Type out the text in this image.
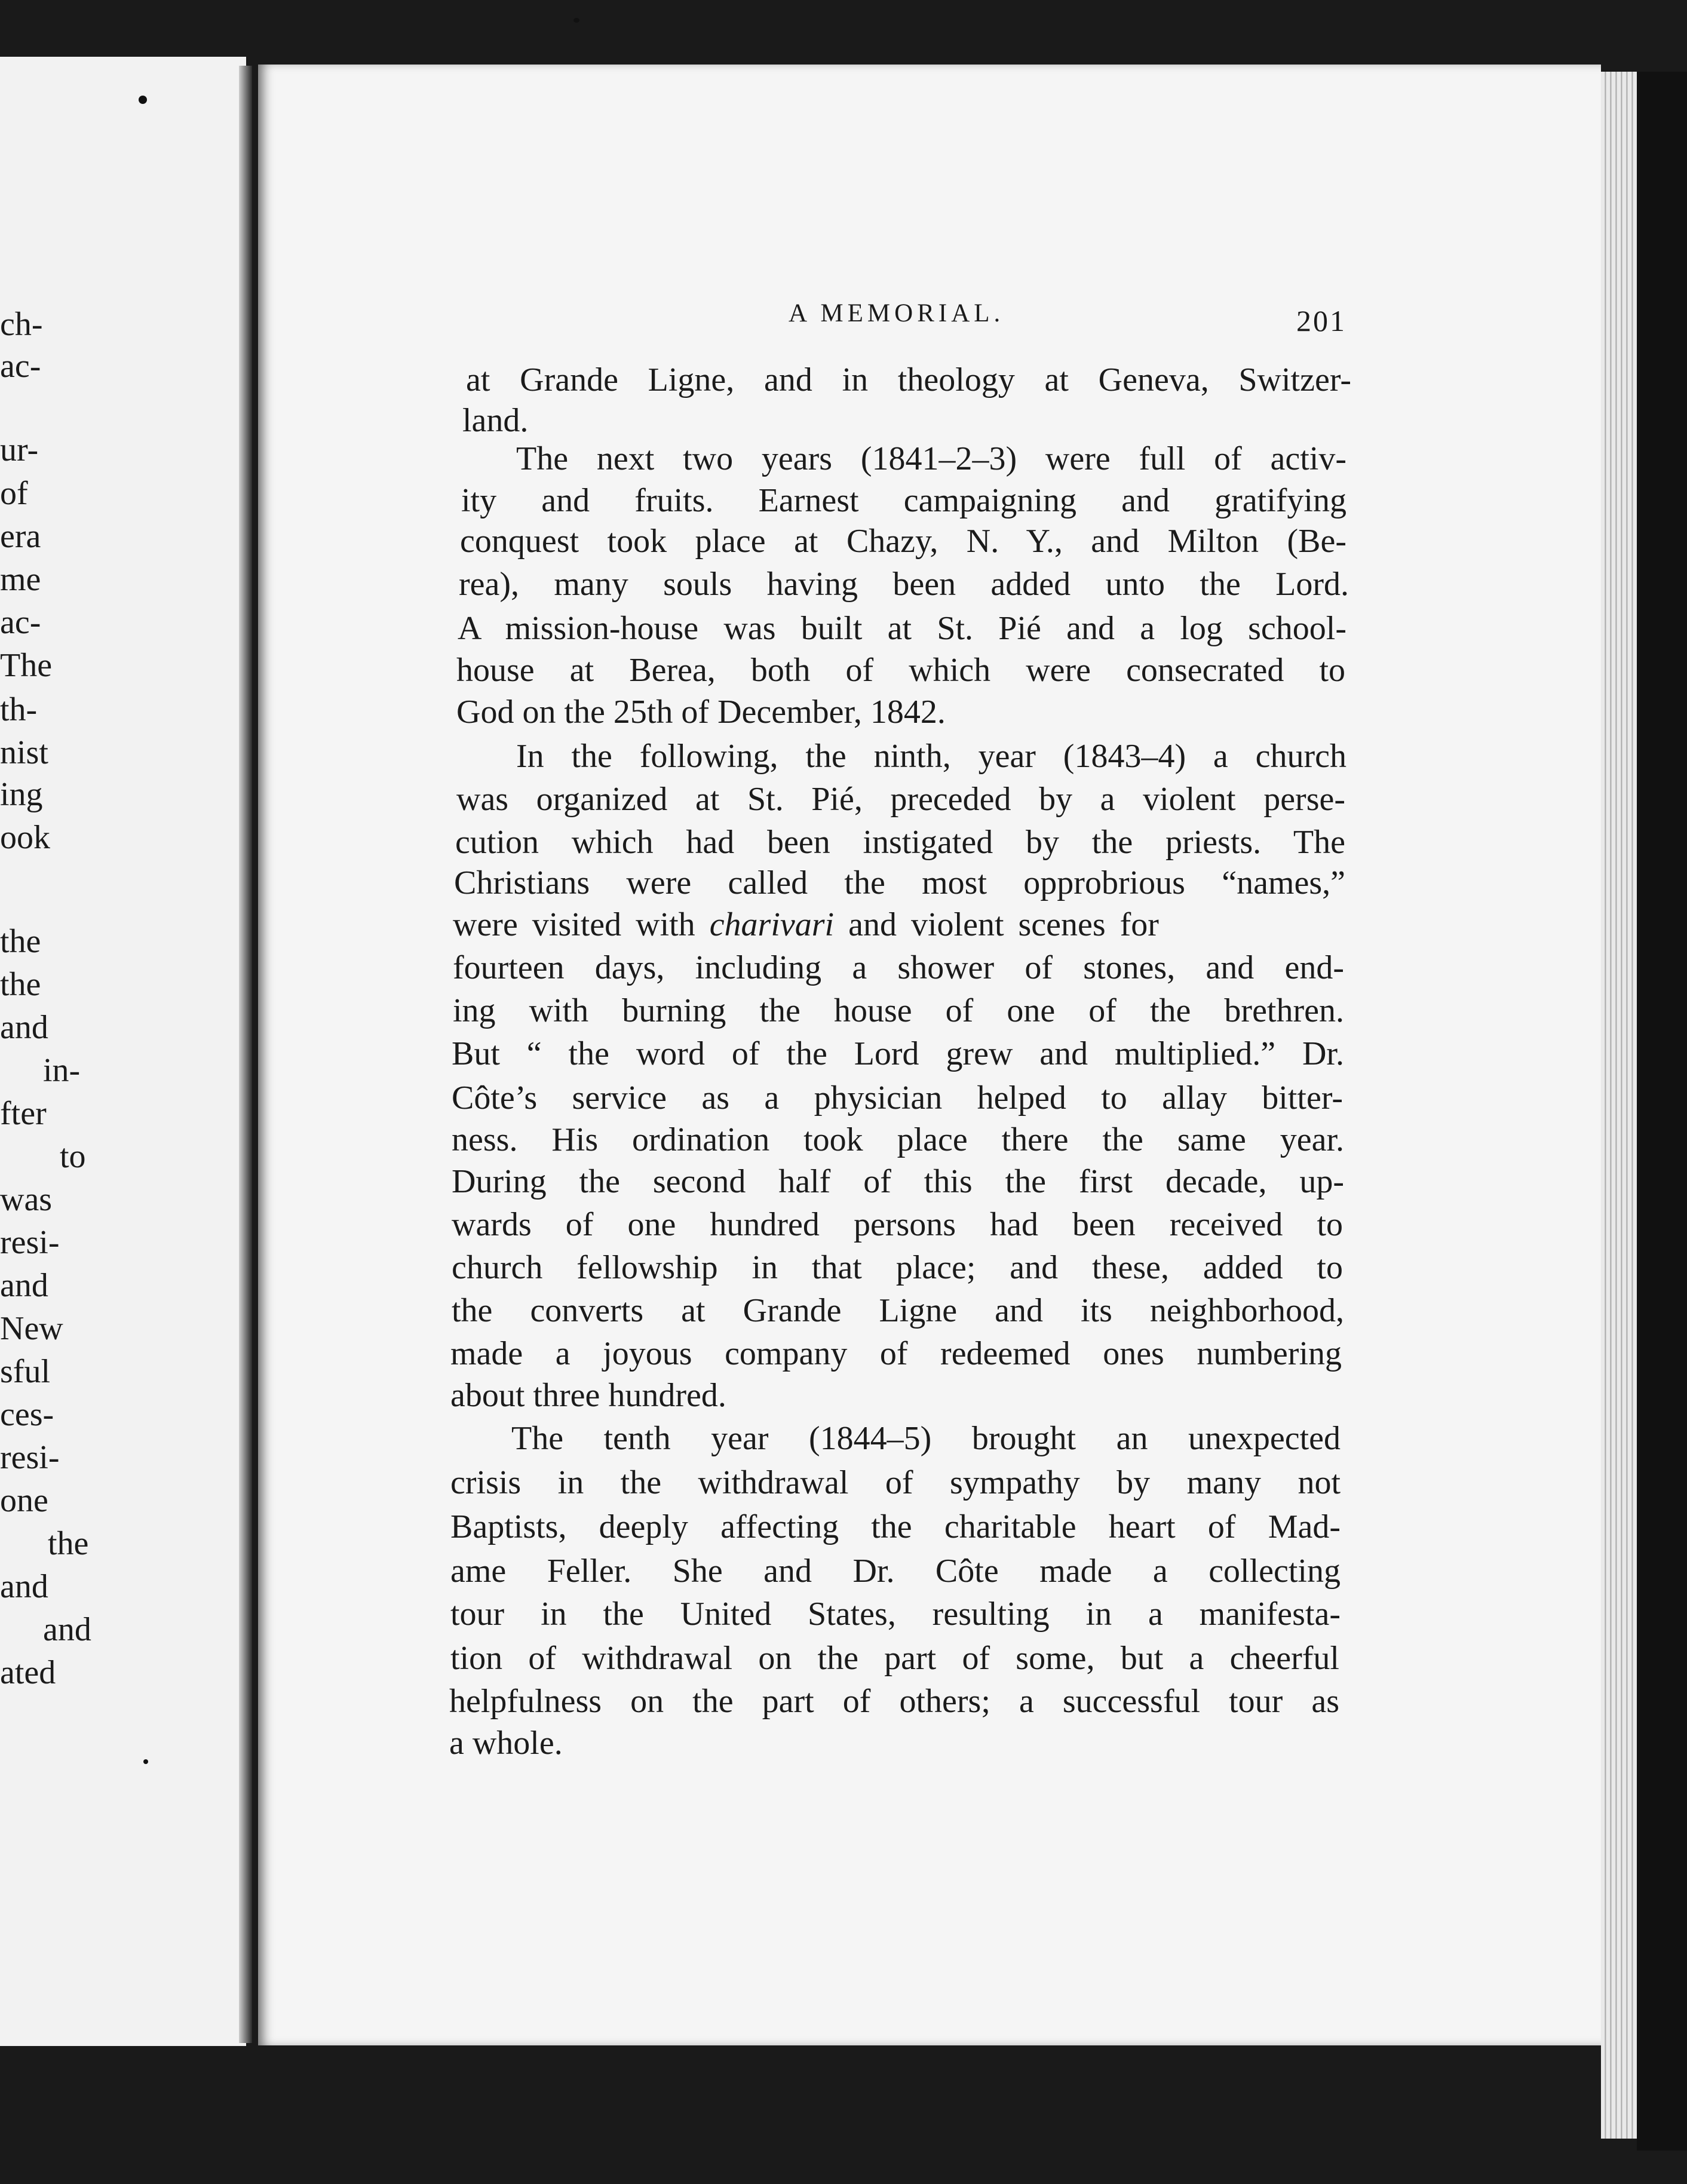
ch-
ac-
ur-
of
era
me
ac-
The
th-
nist
ing
ook
the
the
and
in-
fter
to
was
resi-
and
New
sful
ces-
resi-
one
the
and
and
ated
A MEMORIAL.	201
at Grande Ligne, and in theology at Geneva, Switzer-
land.
The next two years (1841–2–3) were full of activ-
ity and fruits. Earnest campaigning and gratifying
conquest took place at Chazy, N. Y., and Milton (Be-
rea), many souls having been added unto the Lord.
A mission-house was built at St. Pié and a log school-
house at Berea, both of which were consecrated to
God on the 25th of December, 1842.
In the following, the ninth, year (1843–4) a church
was organized at St. Pié, preceded by a violent perse-
cution which had been instigated by the priests. The
Christians were called the most opprobrious “names,”
were visited with charivari and violent scenes for
fourteen days, including a shower of stones, and end-
ing with burning the house of one of the brethren.
But “ the word of the Lord grew and multiplied.” Dr.
Côte’s service as a physician helped to allay bitter-
ness. His ordination took place there the same year.
During the second half of this the first decade, up-
wards of one hundred persons had been received to
church fellowship in that place; and these, added to
the converts at Grande Ligne and its neighborhood,
made a joyous company of redeemed ones numbering
about three hundred.
The tenth year (1844–5) brought an unexpected
crisis in the withdrawal of sympathy by many not
Baptists, deeply affecting the charitable heart of Mad-
ame Feller. She and Dr. Côte made a collecting
tour in the United States, resulting in a manifesta-
tion of withdrawal on the part of some, but a cheerful
helpfulness on the part of others; a successful tour as
a whole.
